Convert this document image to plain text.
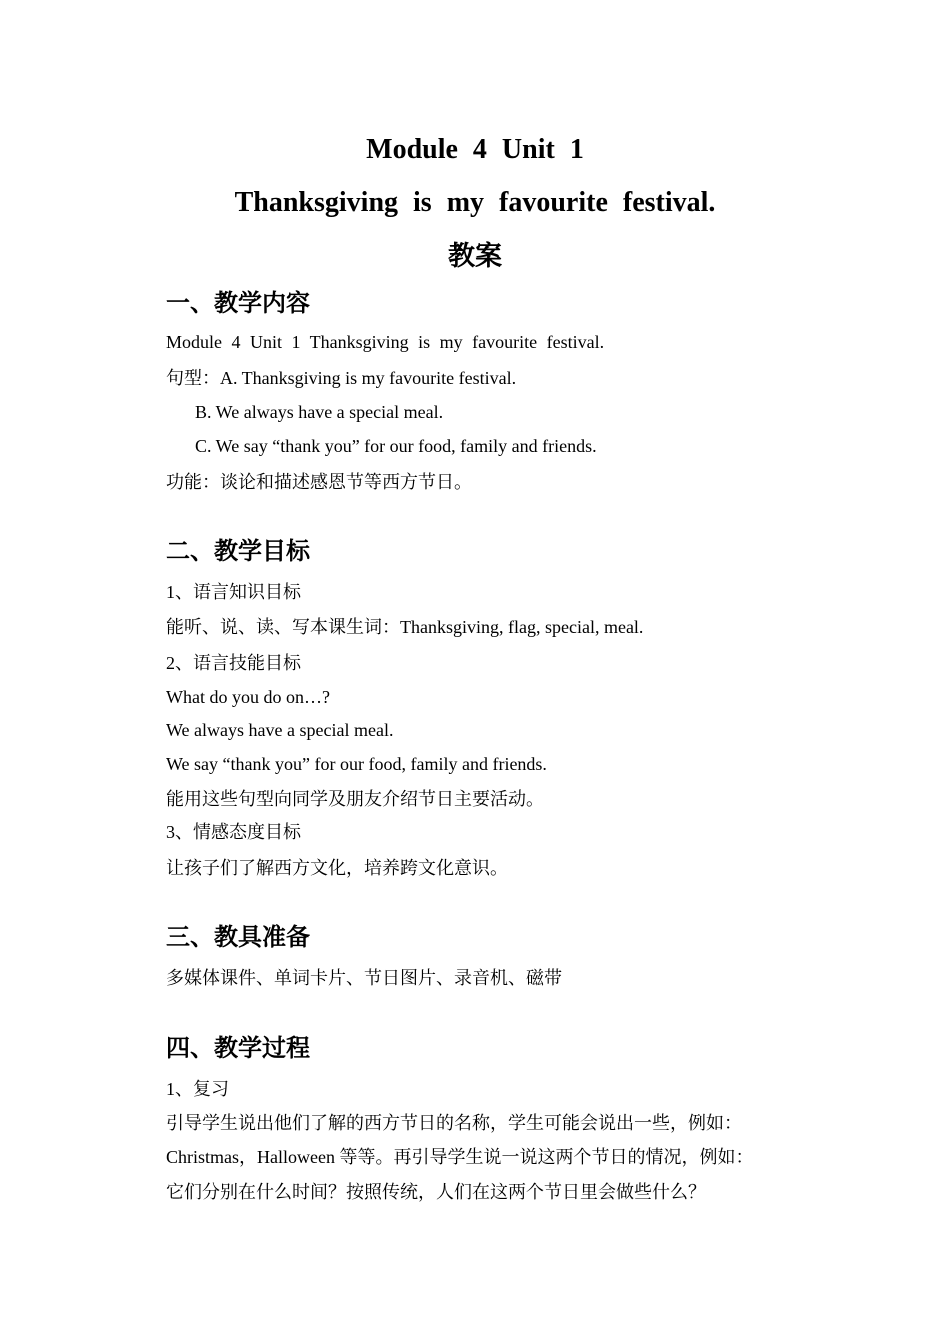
Module 4 Unit 1
Thanksgiving is my favourite festival.
教案
一、教学内容
Module 4 Unit 1 Thanksgiving is my favourite festival.
句型：A. Thanksgiving is my favourite festival.
B. We always have a special meal.
C. We say “thank you” for our food, family and friends.
功能：谈论和描述感恩节等西方节日。
二、教学目标
1、语言知识目标
能听、说、读、写本课生词：Thanksgiving, flag, special, meal.
2、语言技能目标
What do you do on…?
We always have a special meal.
We say “thank you” for our food, family and friends.
能用这些句型向同学及朋友介绍节日主要活动。
3、情感态度目标
让孩子们了解西方文化，培养跨文化意识。
三、教具准备
多媒体课件、单词卡片、节日图片、录音机、磁带
四、教学过程
1、复习
引导学生说出他们了解的西方节日的名称，学生可能会说出一些，例如：
Christmas，Halloween 等等。再引导学生说一说这两个节日的情况，例如：
它们分别在什么时间？按照传统，人们在这两个节日里会做些什么？
